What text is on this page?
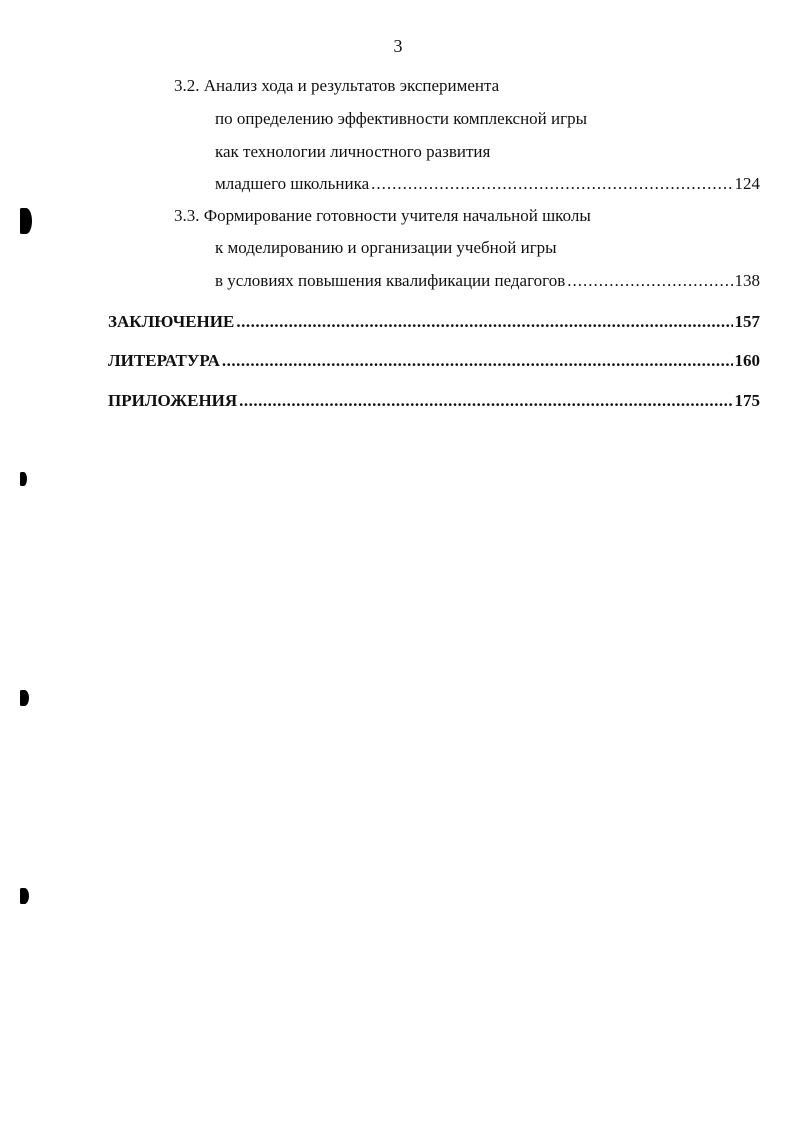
3
3.2. Анализ хода и результатов эксперимента
по определению эффективности комплексной игры
как технологии личностного развития
младшего школьника .....	124
3.3. Формирование готовности учителя начальной школы
к моделированию и организации учебной игры
в условиях повышения квалификации педагогов .....	138
ЗАКЛЮЧЕНИЕ .....	157
ЛИТЕРАТУРА .....	160
ПРИЛОЖЕНИЯ .....	175
